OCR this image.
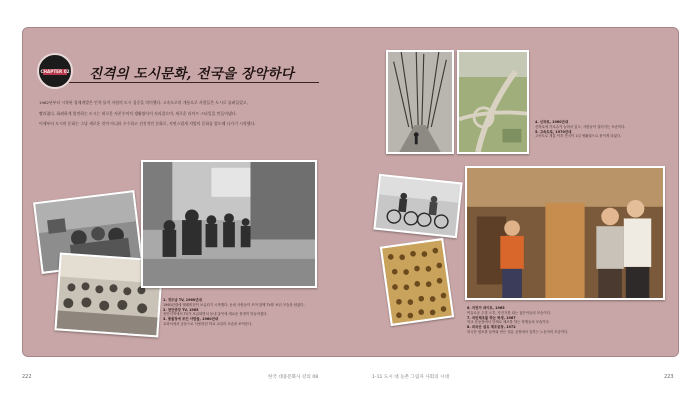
CHAPTER 02 진격의 도시문화, 전국을 장악하다
1962년부터 시작된 경제개발은 인적·물적 자원의 도시 집중을 의미했다. 고속도로의 개통으로 사람들은 도시로 몰려들었고,
빨라졌다. 화려하게 발전하는 도시는 새로운 자본주의적 생활양식이 자리잡으며, 새로운 라이프 스타일을 만들어냈다.
이제부터 도시의 문화는 그냥 새로운 것이 아니라 우수하고 선진적인 문화로, 자연스럽게 지방의 문화를 압도해 나가기 시작했다.
1. 귀두남 TV, 1960년대
1960년대에 텔레비전이 보급되기 시작했다. 동네 사람들이 모여 함께 TV를 보던 모습을 담았다.
2. 천안중앙 TV, 1965
천안지역에서 TV가 보급되면서 동네 골목에 새로운 풍경이 만들어졌다.
3. 풍물장에 모인 사람들, 1960년대
교과서에서 공동으로 사용하던 학교 교실의 모습을 보여준다.
4. 신작로, 1960년대
신작로에 가로수가 늘어서 있고, 사람들이 걸어가는 모습이다.
5. 고속도로, 1970년대
고속도로 개통 이후 전국이 1일 생활권으로 묶이게 되었다.
6. 자전거 데이트, 1965
여유로운 주말 오후, 자전거를 타는 젊은이들의 모습이다.
7. 국민체조를 하는 학생, 1967
학교 운동장에서 단체로 체조를 하는 학생들의 모습이다.
8. 외국산 섬유 제조공장, 1972
외국산 원료를 들여와 만든 섬유 공장에서 일하는 노동자의 모습이다.
222	한국 대중문화사 강의 08	1-11 도시 대 농촌 그림자 사회의 시대	223
